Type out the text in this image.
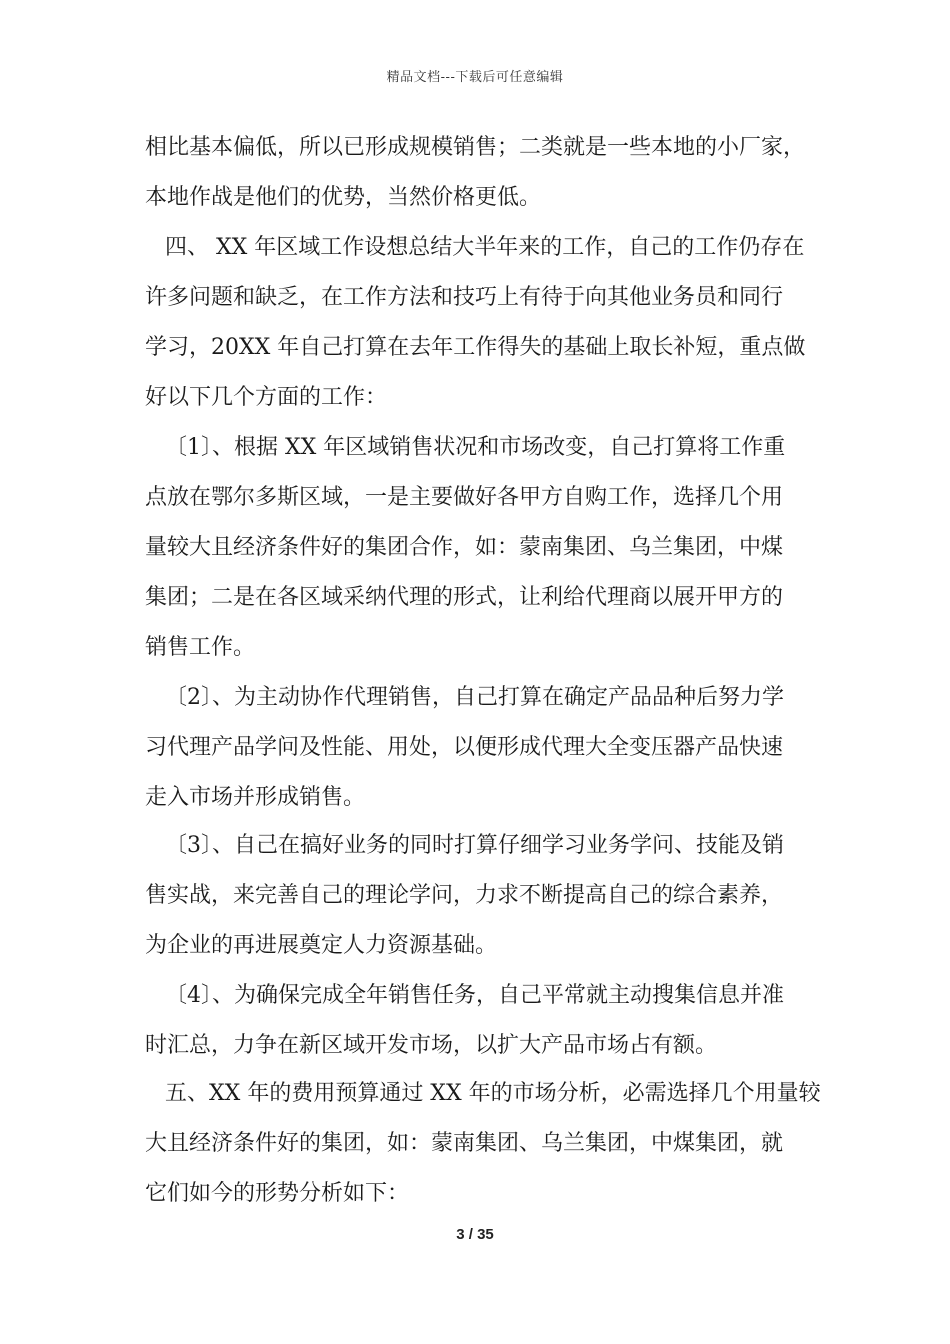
精品文档---下载后可任意编辑
相比基本偏低，所以已形成规模销售；二类就是一些本地的小厂家，
本地作战是他们的优势，当然价格更低。
四、 XX 年区域工作设想总结大半年来的工作，自己的工作仍存在
许多问题和缺乏，在工作方法和技巧上有待于向其他业务员和同行
学习，20XX 年自己打算在去年工作得失的基础上取长补短，重点做
好以下几个方面的工作：
〔1〕、根据 XX 年区域销售状况和市场改变，自己打算将工作重
点放在鄂尔多斯区域，一是主要做好各甲方自购工作，选择几个用
量较大且经济条件好的集团合作，如：蒙南集团、乌兰集团，中煤
集团；二是在各区域采纳代理的形式，让利给代理商以展开甲方的
销售工作。
〔2〕、为主动协作代理销售，自己打算在确定产品品种后努力学
习代理产品学问及性能、用处，以便形成代理大全变压器产品快速
走入市场并形成销售。
〔3〕、自己在搞好业务的同时打算仔细学习业务学问、技能及销
售实战，来完善自己的理论学问，力求不断提高自己的综合素养，
为企业的再进展奠定人力资源基础。
〔4〕、为确保完成全年销售任务，自己平常就主动搜集信息并准
时汇总，力争在新区域开发市场，以扩大产品市场占有额。
五、XX 年的费用预算通过 XX 年的市场分析，必需选择几个用量较
大且经济条件好的集团，如：蒙南集团、乌兰集团，中煤集团，就
它们如今的形势分析如下：
3 / 35
